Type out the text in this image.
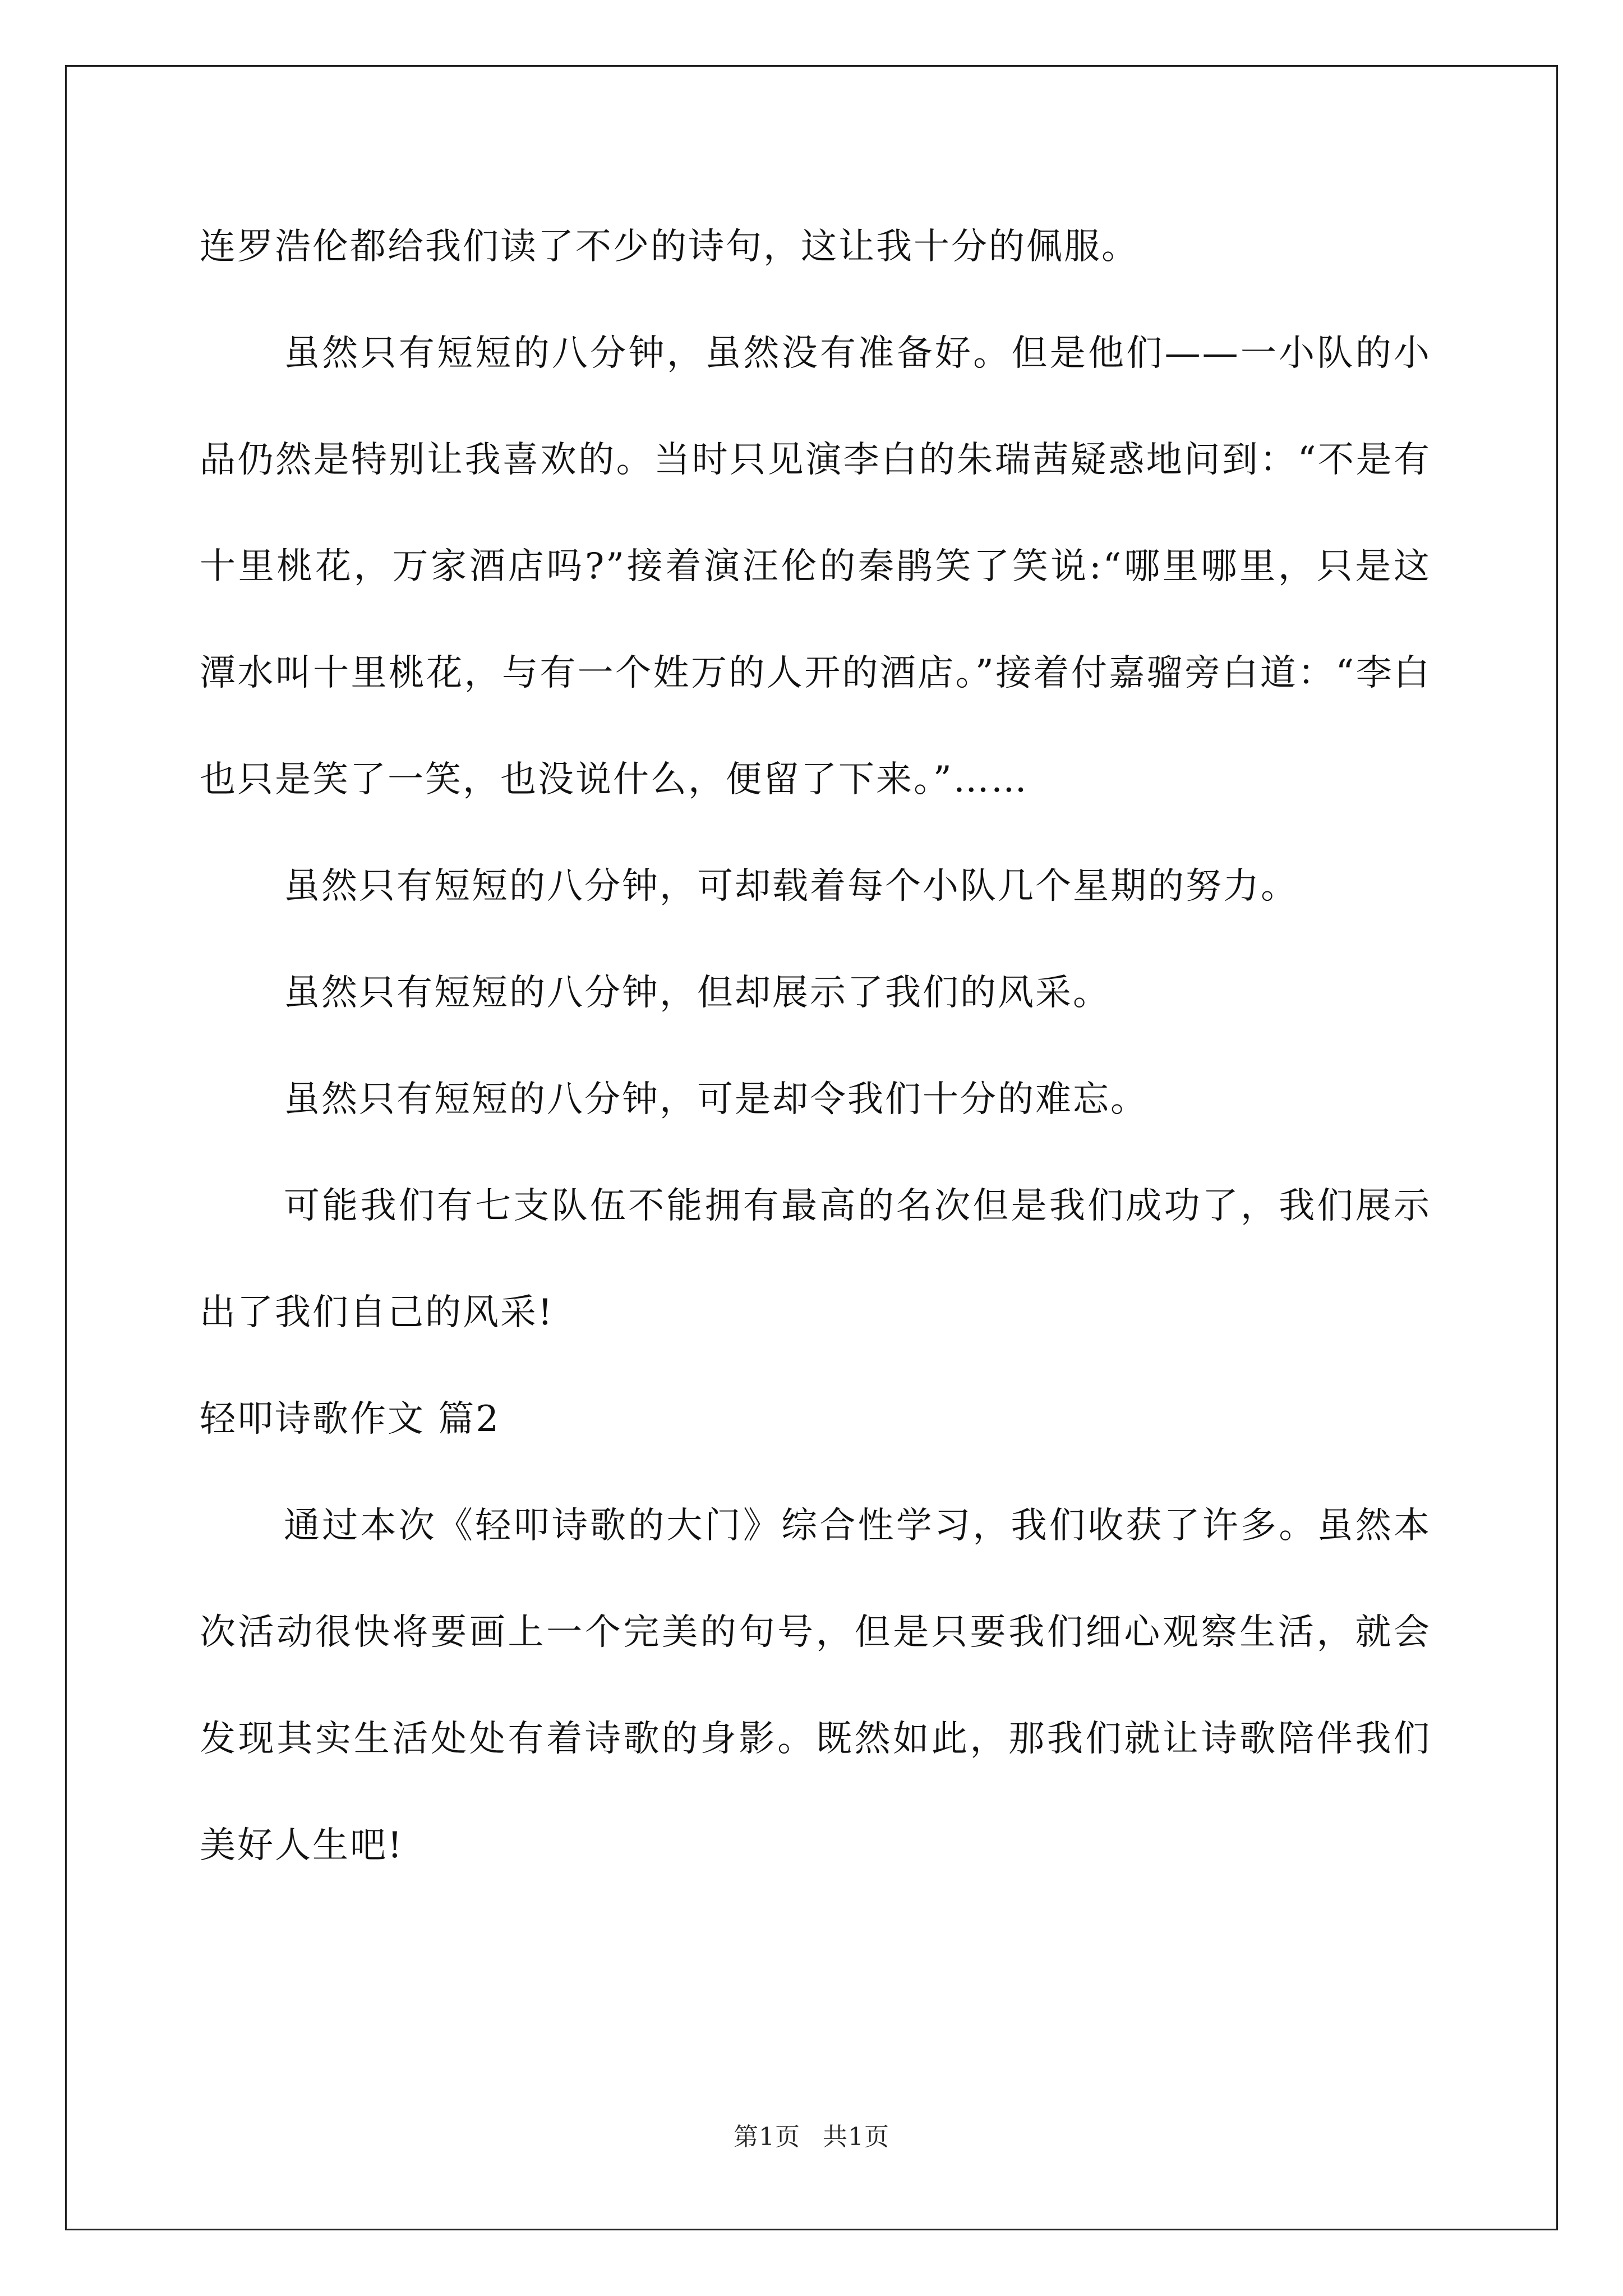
连罗浩伦都给我们读了不少的诗句，这让我十分的佩服。

虽然只有短短的八分钟，虽然没有准备好。但是他们——一小队的小品仍然是特别让我喜欢的。当时只见演李白的朱瑞茜疑惑地问到：“不是有十里桃花，万家酒店吗?”接着演汪伦的秦鹃笑了笑说:“哪里哪里，只是这潭水叫十里桃花，与有一个姓万的人开的酒店。”接着付嘉骝旁白道：“李白也只是笑了一笑，也没说什么，便留了下来。”……

虽然只有短短的八分钟，可却载着每个小队几个星期的努力。

虽然只有短短的八分钟，但却展示了我们的风采。

虽然只有短短的八分钟，可是却令我们十分的难忘。

可能我们有七支队伍不能拥有最高的名次但是我们成功了，我们展示出了我们自己的风采!

轻叩诗歌作文 篇2

通过本次《轻叩诗歌的大门》综合性学习，我们收获了许多。虽然本次活动很快将要画上一个完美的句号，但是只要我们细心观察生活，就会发现其实生活处处有着诗歌的身影。既然如此，那我们就让诗歌陪伴我们美好人生吧!

第1页 共1页
